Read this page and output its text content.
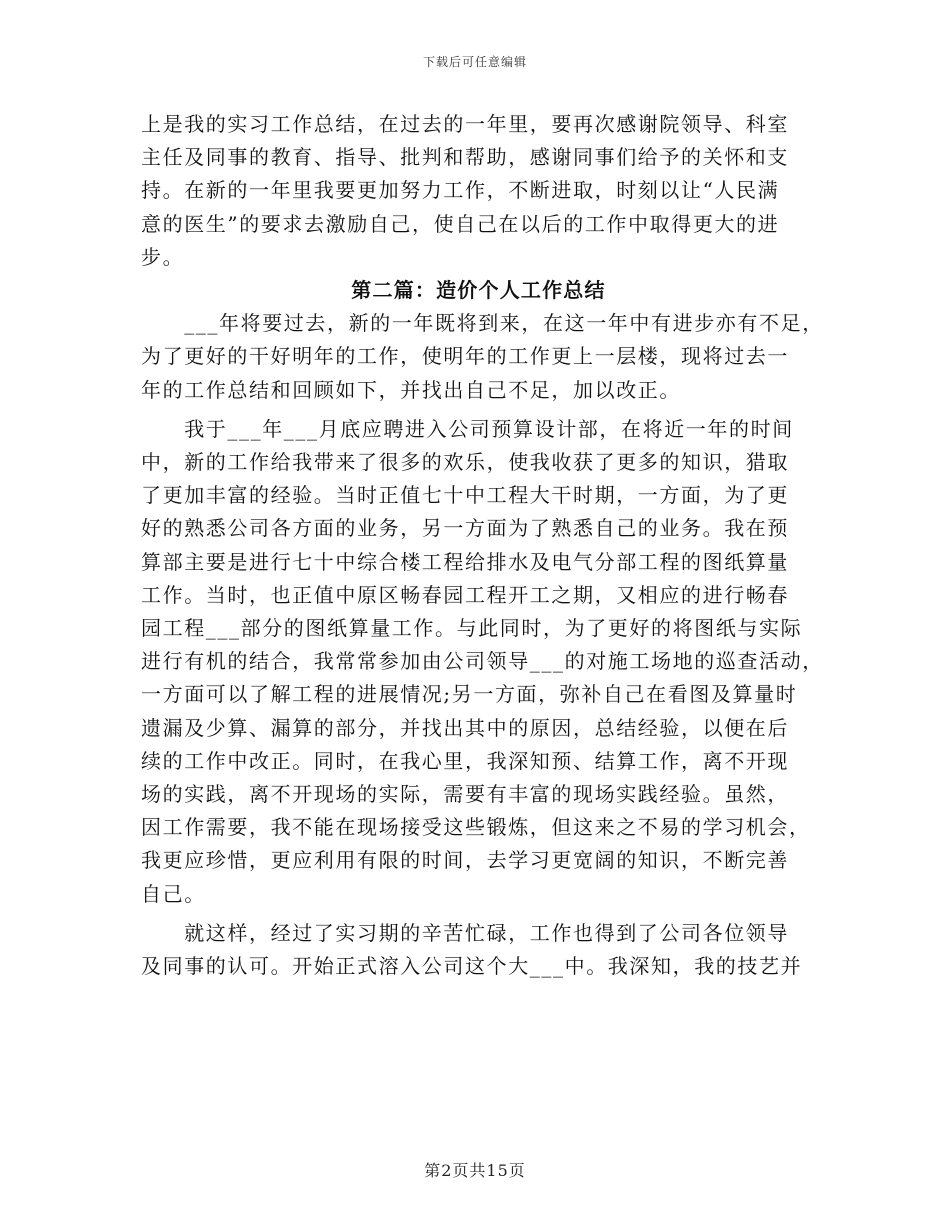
下载后可任意编辑

上是我的实习工作总结，在过去的一年里，要再次感谢院领导、科室
主任及同事的教育、指导、批判和帮助，感谢同事们给予的关怀和支
持。在新的一年里我要更加努力工作，不断进取，时刻以让“人民满
意的医生”的要求去激励自己，使自己在以后的工作中取得更大的进
步。

第二篇：造价个人工作总结

　　___年将要过去，新的一年既将到来，在这一年中有进步亦有不足，
为了更好的干好明年的工作，使明年的工作更上一层楼，现将过去一
年的工作总结和回顾如下，并找出自己不足，加以改正。

　　我于___年___月底应聘进入公司预算设计部，在将近一年的时间
中，新的工作给我带来了很多的欢乐，使我收获了更多的知识，猎取
了更加丰富的经验。当时正值七十中工程大干时期，一方面，为了更
好的熟悉公司各方面的业务，另一方面为了熟悉自己的业务。我在预
算部主要是进行七十中综合楼工程给排水及电气分部工程的图纸算量
工作。当时，也正值中原区畅春园工程开工之期，又相应的进行畅春
园工程___部分的图纸算量工作。与此同时，为了更好的将图纸与实际
进行有机的结合，我常常参加由公司领导___的对施工场地的巡查活动，
一方面可以了解工程的进展情况;另一方面，弥补自己在看图及算量时
遗漏及少算、漏算的部分，并找出其中的原因，总结经验，以便在后
续的工作中改正。同时，在我心里，我深知预、结算工作，离不开现
场的实践，离不开现场的实际，需要有丰富的现场实践经验。虽然，
因工作需要，我不能在现场接受这些锻炼，但这来之不易的学习机会，
我更应珍惜，更应利用有限的时间，去学习更宽阔的知识，不断完善
自己。

　　就这样，经过了实习期的辛苦忙碌，工作也得到了公司各位领导
及同事的认可。开始正式溶入公司这个大___中。我深知，我的技艺并

第2页共15页
